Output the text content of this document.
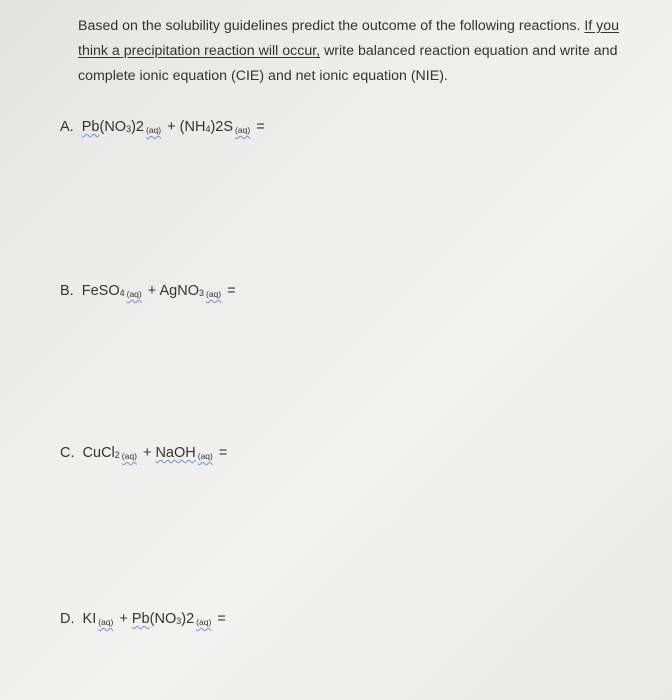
Based on the solubility guidelines predict the outcome of the following reactions. If you
think a precipitation reaction will occur, write balanced reaction equation and write and
complete ionic equation (CIE) and net ionic equation (NIE).
A. $Pb(NO_3)2$ $(aq) + (NH_4)2S$ (aq) =
B. FeSO$_4$ (aq) + AgNO$_3$ (aq) =
C. CuCl$_2$ (aq) + NaOH (aq) =
D. KI $(aq) + Pb(NO_3)2$ (aq) =
